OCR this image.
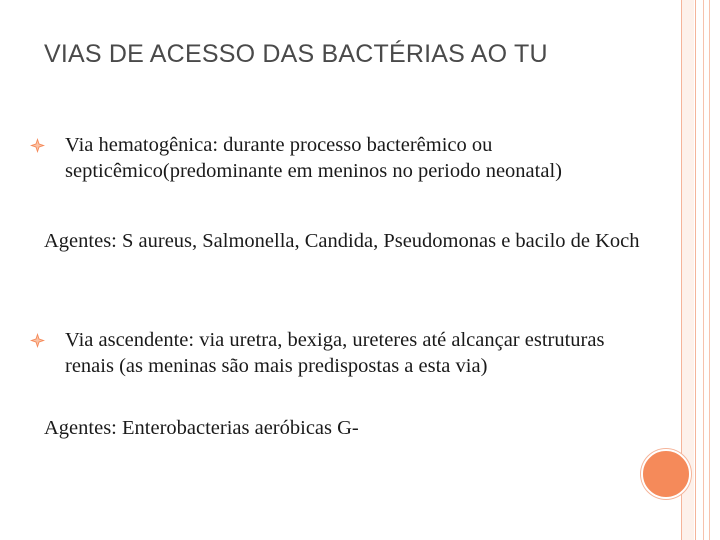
VIAS DE ACESSO DAS BACTÉRIAS AO TU
Via hematogênica: durante processo bacterêmico ou septicêmico(predominante em meninos no periodo neonatal)
Agentes: S aureus, Salmonella, Candida, Pseudomonas e bacilo de Koch
Via ascendente: via uretra, bexiga, ureteres até alcançar estruturas renais (as meninas são mais predispostas a esta via)
Agentes: Enterobacterias aeróbicas G-
